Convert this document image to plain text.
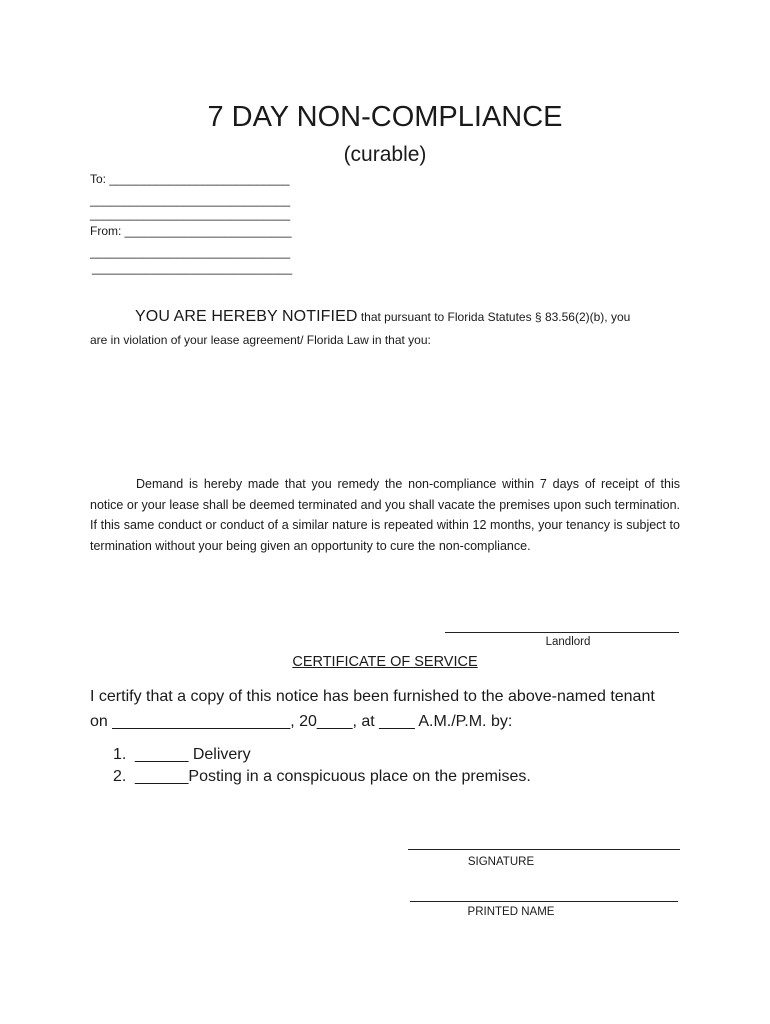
7 DAY NON-COMPLIANCE
(curable)
To: ___________________________
______________________________
______________________________
From: _________________________
______________________________
______________________________
YOU ARE HEREBY NOTIFIED that pursuant to Florida Statutes § 83.56(2)(b), you
are in violation of your lease agreement/ Florida Law in that you:
Demand is hereby made that you remedy the non-compliance within 7 days of receipt of this notice or your lease shall be deemed terminated and you shall vacate the premises upon such termination. If this same conduct or conduct of a similar nature is repeated within 12 months, your tenancy is subject to termination without your being given an opportunity to cure the non-compliance.
Landlord
CERTIFICATE OF SERVICE
I certify that a copy of this notice has been furnished to the above-named tenant
on ____________________, 20____, at ____ A.M./P.M. by:
1. ______ Delivery
2. ______Posting in a conspicuous place on the premises.
SIGNATURE
PRINTED NAME
